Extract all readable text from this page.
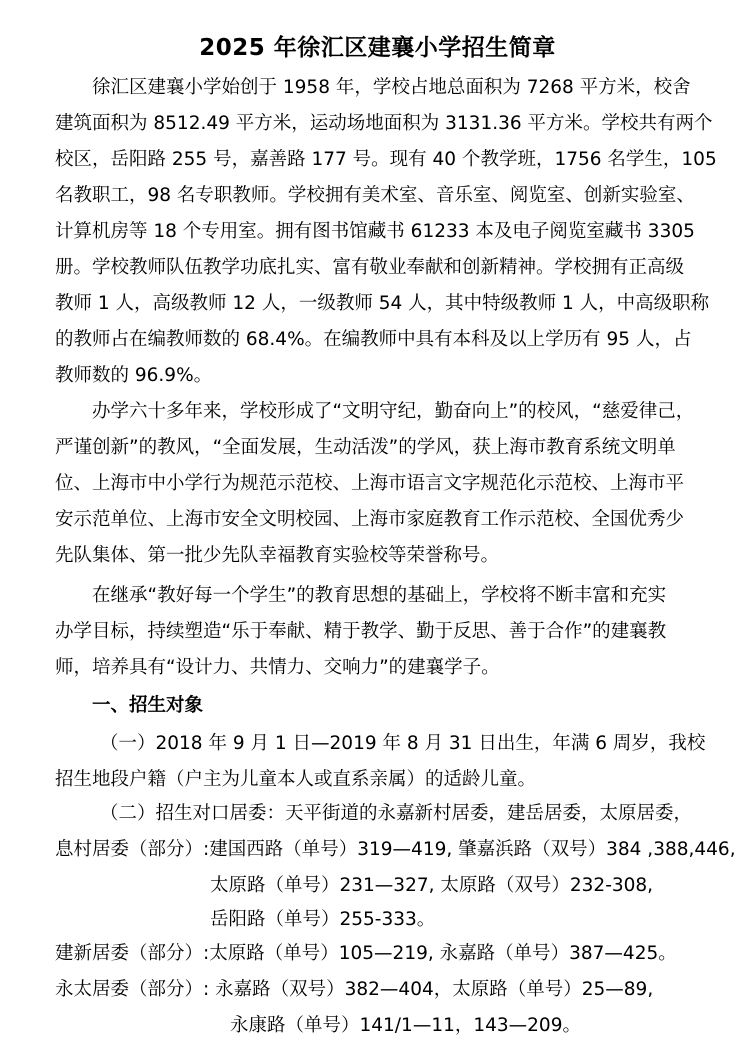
2025 年徐汇区建襄小学招生简章
徐汇区建襄小学始创于 1958 年，学校占地总面积为 7268 平方米，校舍
建筑面积为 8512.49 平方米，运动场地面积为 3131.36 平方米。学校共有两个
校区，岳阳路 255 号，嘉善路 177 号。现有 40 个教学班，1756 名学生，105
名教职工，98 名专职教师。学校拥有美术室、音乐室、阅览室、创新实验室、
计算机房等 18 个专用室。拥有图书馆藏书 61233 本及电子阅览室藏书 3305
册。学校教师队伍教学功底扎实、富有敬业奉献和创新精神。学校拥有正高级
教师 1 人，高级教师 12 人，一级教师 54 人，其中特级教师 1 人，中高级职称
的教师占在编教师数的 68.4%。在编教师中具有本科及以上学历有 95 人，占
教师数的 96.9%。
办学六十多年来，学校形成了“文明守纪，勤奋向上”的校风，“慈爱律己，
严谨创新”的教风，“全面发展，生动活泼”的学风，获上海市教育系统文明单
位、上海市中小学行为规范示范校、上海市语言文字规范化示范校、上海市平
安示范单位、上海市安全文明校园、上海市家庭教育工作示范校、全国优秀少
先队集体、第一批少先队幸福教育实验校等荣誉称号。
在继承“教好每一个学生”的教育思想的基础上，学校将不断丰富和充实
办学目标，持续塑造“乐于奉献、精于教学、勤于反思、善于合作”的建襄教
师，培养具有“设计力、共情力、交响力”的建襄学子。
一、招生对象
（一）2018 年 9 月 1 日—2019 年 8 月 31 日出生，年满 6 周岁，我校
招生地段户籍（户主为儿童本人或直系亲属）的适龄儿童。
（二）招生对口居委：天平街道的永嘉新村居委，建岳居委，太原居委，
息村居委（部分）:建国西路（单号）319—419, 肇嘉浜路（双号）384 ,388,446,
太原路（单号）231—327, 太原路（双号）232-308,
岳阳路（单号）255-333。
建新居委（部分）:太原路（单号）105—219, 永嘉路（单号）387—425。
永太居委（部分）: 永嘉路（双号）382—404，太原路（单号）25—89,
永康路（单号）141/1—11，143—209。
